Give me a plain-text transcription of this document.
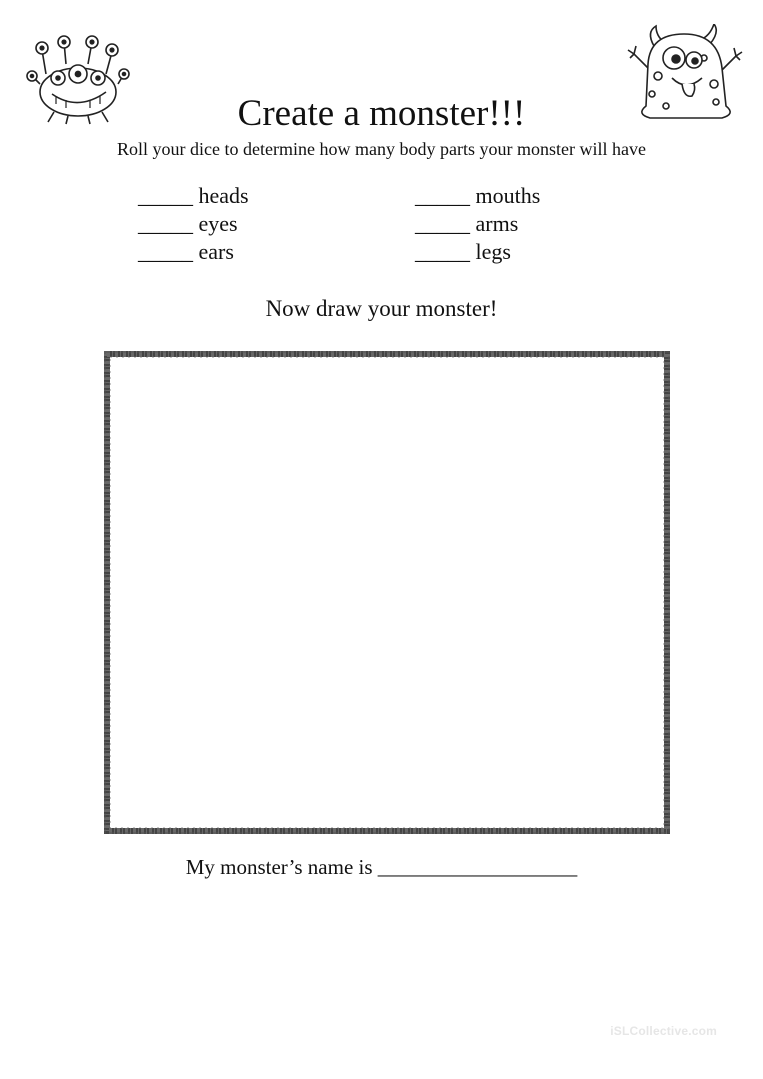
Create a monster!!!
Roll your dice to determine how many body parts your monster will have
_____ heads
_____ eyes
_____ ears
_____ mouths
_____ arms
_____ legs
Now draw your monster!
My monster’s name is ___________________
iSLCollective.com
